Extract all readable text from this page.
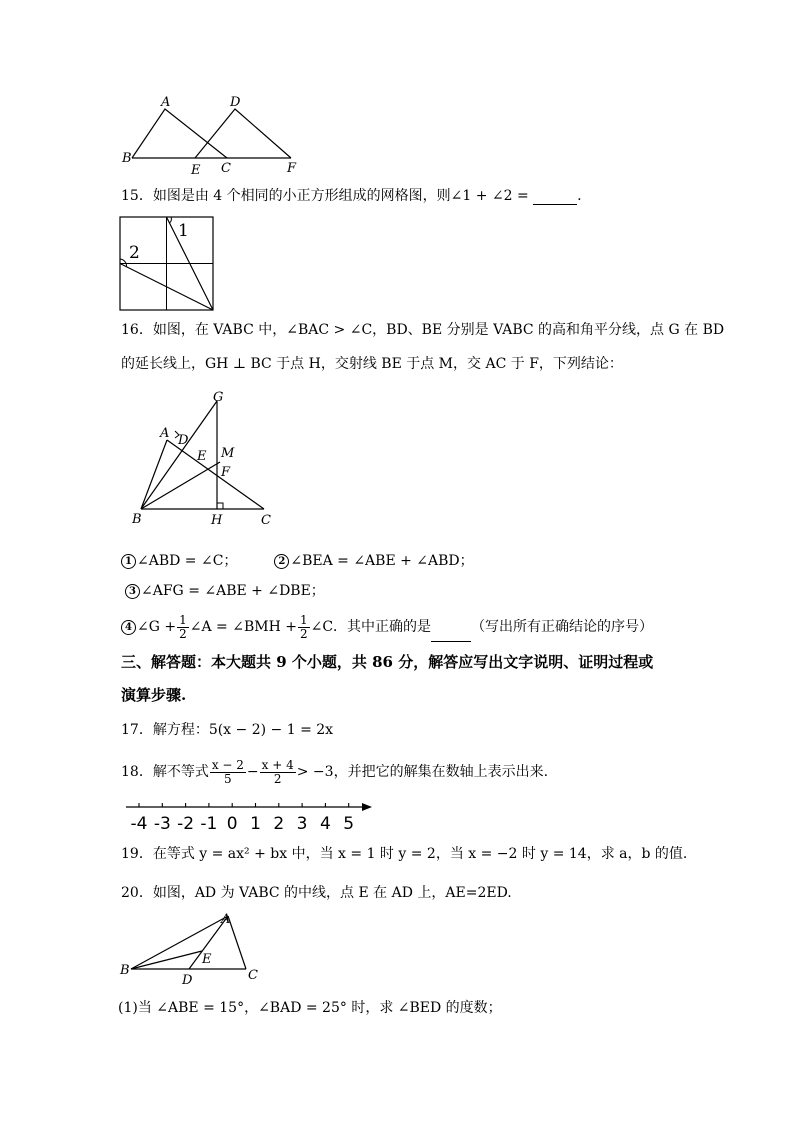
A	D
B
E C	F
15．如图是由 4 个相同的小正方形组成的网格图，则∠1 + ∠2 =	.
1
2
16．如图，在 VABC 中，∠BAC > ∠C，BD、BE 分别是 VABC 的高和角平分线，点 G 在 BD
的延长线上，GH ⊥ BC 于点 H，交射线 BE 于点 M，交 AC 于 F，下列结论：
G
A D
M
E
F
B	H	C
1 ∠ABD = ∠C；	2 ∠BEA = ∠ABE + ∠ABD；
3 ∠AFG = ∠ABE + ∠DBE；
4 ∠G + $\frac{1}{2}$ ∠A = ∠BMH + $\frac{1}{2}$ ∠C．其中正确的是	（写出所有正确结论的序号）
三、解答题：本大题共 9 个小题，共 86 分，解答应写出文字说明、证明过程或
演算步骤.
17．解方程：5(x − 2) − 1 = 2x
18．解不等式 $\frac{x - 2}{5} - \frac{x + 4}{2} > -3$，并把它的解集在数轴上表示出来.
-4 -3 -2 -1 0 1 2 3 4 5
19．在等式 y = ax² + bx 中，当 x = 1 时 y = 2，当 x = −2 时 y = 14，求 a，b 的值.
20．如图，AD 为 VABC 的中线，点 E 在 AD 上，AE=2ED.
A
B	C
D
E
(1)当 ∠ABE = 15°，∠BAD = 25° 时，求 ∠BED 的度数；
